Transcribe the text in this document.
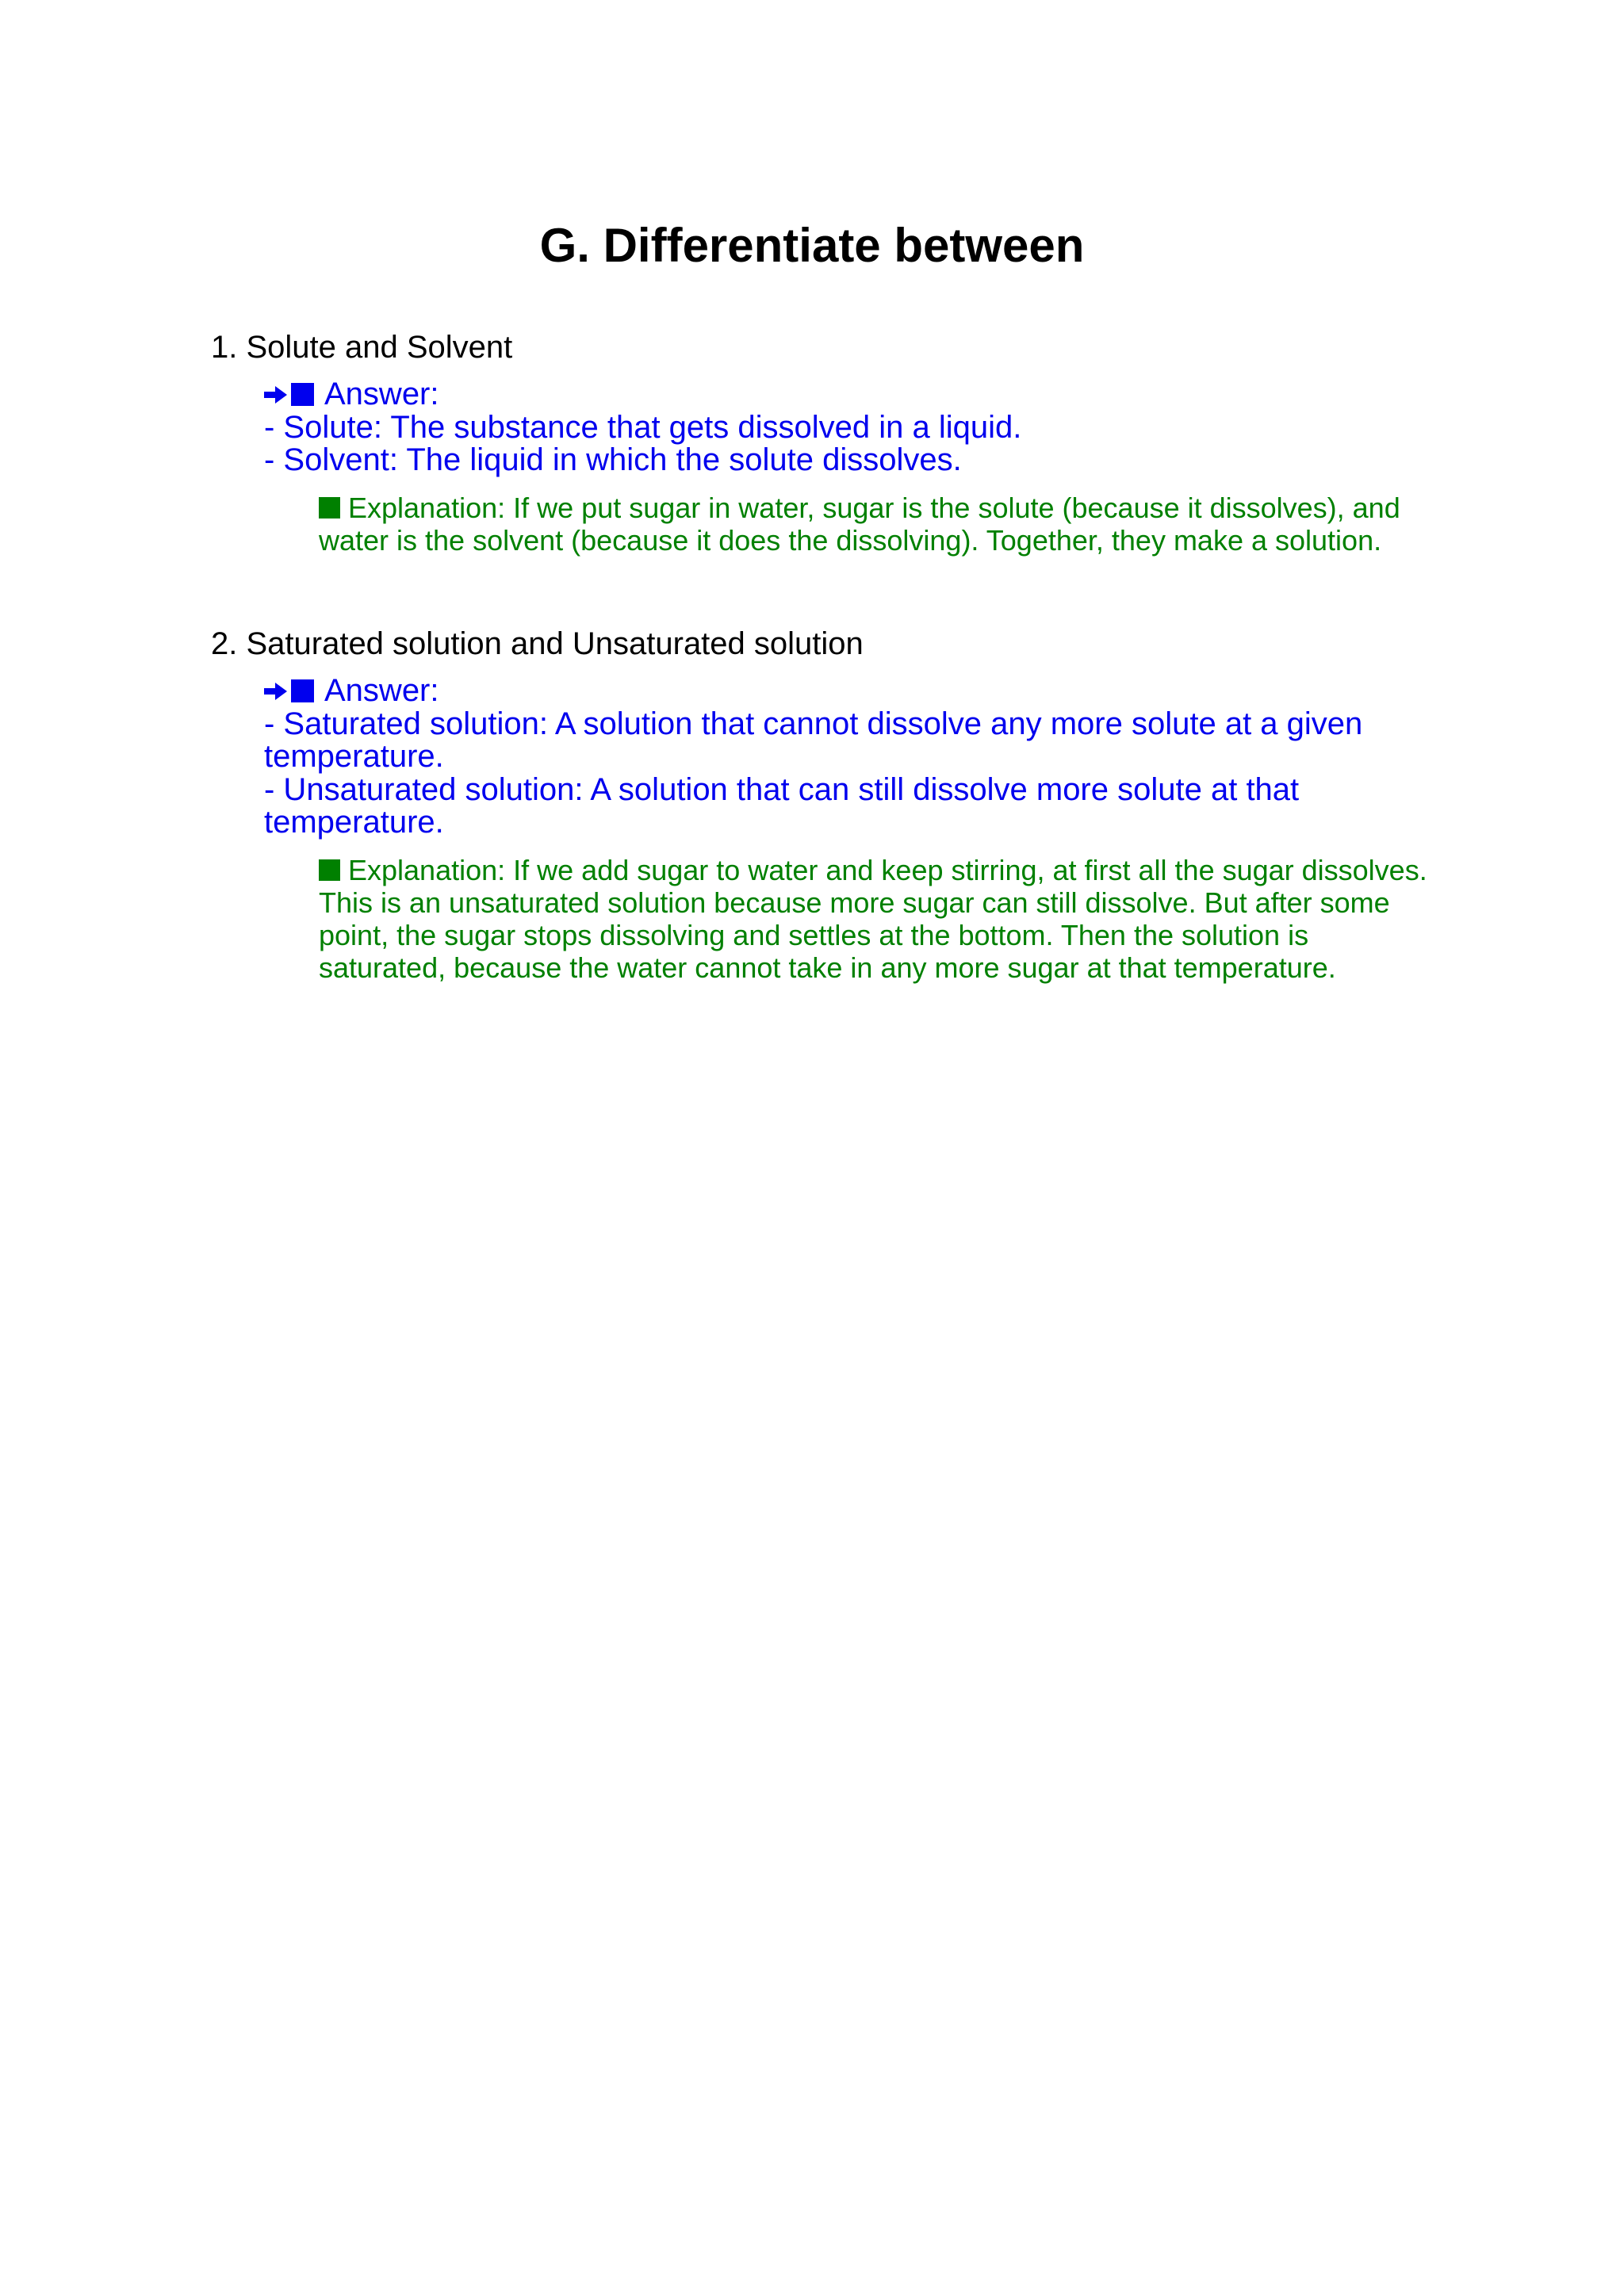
G. Differentiate between

1. Solute and Solvent

Answer:
- Solute: The substance that gets dissolved in a liquid.
- Solvent: The liquid in which the solute dissolves.
Explanation: If we put sugar in water, sugar is the solute (because it dissolves), and water is the solvent (because it does the dissolving). Together, they make a solution.

2. Saturated solution and Unsaturated solution

Answer:
- Saturated solution: A solution that cannot dissolve any more solute at a given temperature.
- Unsaturated solution: A solution that can still dissolve more solute at that temperature.
Explanation: If we add sugar to water and keep stirring, at first all the sugar dissolves. This is an unsaturated solution because more sugar can still dissolve. But after some point, the sugar stops dissolving and settles at the bottom. Then the solution is saturated, because the water cannot take in any more sugar at that temperature.
